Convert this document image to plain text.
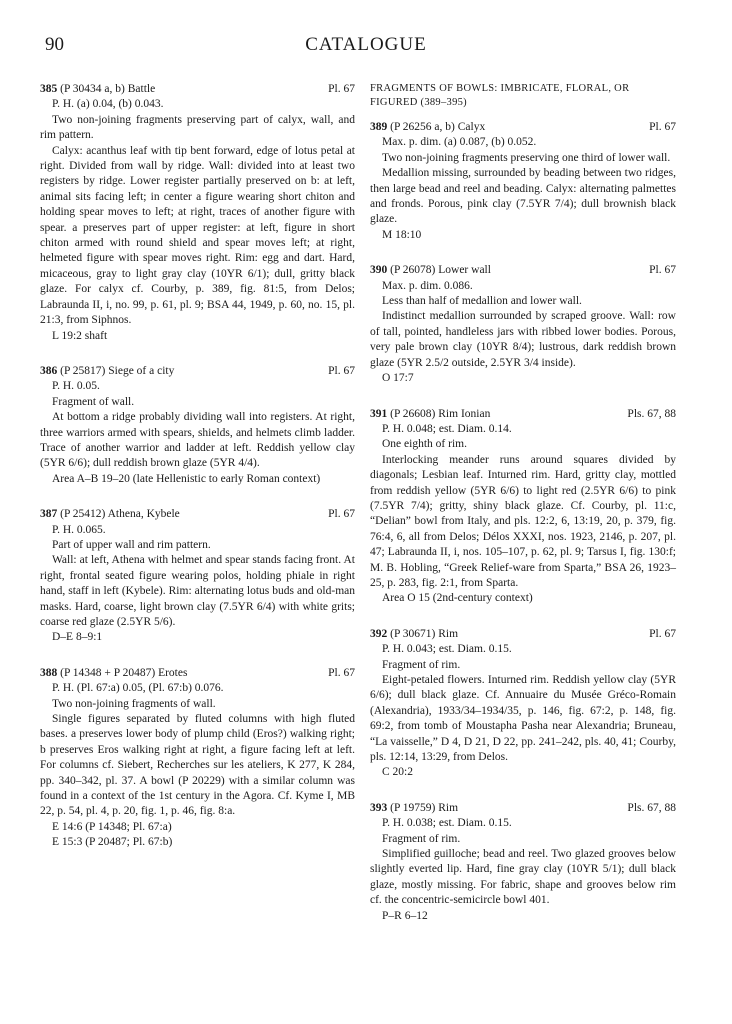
90	CATALOGUE
385 (P 30434 a, b) Battle	Pl. 67

P. H. (a) 0.04, (b) 0.043.

Two non-joining fragments preserving part of calyx, wall, and rim pattern.

Calyx: acanthus leaf with tip bent forward, edge of lotus petal at right. Divided from wall by ridge. Wall: divided into at least two registers by ridge. Lower register partially preserved on b: at left, animal sits facing left; in center a figure wearing short chiton and holding spear moves to left; at right, traces of another figure with spear. a preserves part of upper register: at left, figure in short chiton armed with round shield and spear moves left; at right, helmeted figure with spear moves right. Rim: egg and dart. Hard, micaceous, gray to light gray clay (10YR 6/1); dull, gritty black glaze. For calyx cf. Courby, p. 389, fig. 81:5, from Delos; Labraunda II, i, no. 99, p. 61, pl. 9; BSA 44, 1949, p. 60, no. 15, pl. 21:3, from Siphnos.

L 19:2 shaft

386 (P 25817) Siege of a city	Pl. 67

P. H. 0.05.

Fragment of wall.

At bottom a ridge probably dividing wall into registers. At right, three warriors armed with spears, shields, and helmets climb ladder. Trace of another warrior and ladder at left. Reddish yellow clay (5YR 6/6); dull reddish brown glaze (5YR 4/4).

Area A–B 19–20 (late Hellenistic to early Roman context)

387 (P 25412) Athena, Kybele	Pl. 67

P. H. 0.065.

Part of upper wall and rim pattern.

Wall: at left, Athena with helmet and spear stands facing front. At right, frontal seated figure wearing polos, holding phiale in right hand, staff in left (Kybele). Rim: alternating lotus buds and old-man masks. Hard, coarse, light brown clay (7.5YR 6/4) with white grits; coarse red glaze (2.5YR 5/6).

D–E 8–9:1

388 (P 14348 + P 20487) Erotes	Pl. 67

P. H. (Pl. 67:a) 0.05, (Pl. 67:b) 0.076.

Two non-joining fragments of wall.

Single figures separated by fluted columns with high fluted bases. a preserves lower body of plump child (Eros?) walking right; b preserves Eros walking right at right, a figure facing left at left. For columns cf. Siebert, Recherches sur les ateliers, K 277, K 284, pp. 340–342, pl. 37. A bowl (P 20229) with a similar column was found in a context of the 1st century in the Agora. Cf. Kyme I, MB 22, p. 54, pl. 4, p. 20, fig. 1, p. 46, fig. 8:a.

E 14:6 (P 14348; Pl. 67:a)

E 15:3 (P 20487; Pl. 67:b)

FRAGMENTS OF BOWLS: IMBRICATE, FLORAL, OR FIGURED (389–395)
389 (P 26256 a, b) Calyx	Pl. 67

Max. p. dim. (a) 0.087, (b) 0.052.

Two non-joining fragments preserving one third of lower wall.

Medallion missing, surrounded by beading between two ridges, then large bead and reel and beading. Calyx: alternating palmettes and fronds. Porous, pink clay (7.5YR 7/4); dull brownish black glaze.

M 18:10

390 (P 26078) Lower wall	Pl. 67

Max. p. dim. 0.086.

Less than half of medallion and lower wall.

Indistinct medallion surrounded by scraped groove. Wall: row of tall, pointed, handleless jars with ribbed lower bodies. Porous, very pale brown clay (10YR 8/4); lustrous, dark reddish brown glaze (5YR 2.5/2 outside, 2.5YR 3/4 inside).

O 17:7

391 (P 26608) Rim Ionian	Pls. 67, 88

P. H. 0.048; est. Diam. 0.14.

One eighth of rim.

Interlocking meander runs around squares divided by diagonals; Lesbian leaf. Inturned rim. Hard, gritty clay, mottled from reddish yellow (5YR 6/6) to light red (2.5YR 6/6) to pink (7.5YR 7/4); gritty, shiny black glaze. Cf. Courby, pl. 11:c, “Delian” bowl from Italy, and pls. 12:2, 6, 13:19, 20, p. 379, fig. 76:4, 6, all from Delos; Délos XXXI, nos. 1923, 2146, p. 207, pl. 47; Labraunda II, i, nos. 105–107, p. 62, pl. 9; Tarsus I, fig. 130:f; M. B. Hobling, “Greek Relief-ware from Sparta,” BSA 26, 1923–25, p. 283, fig. 2:1, from Sparta.

Area O 15 (2nd-century context)

392 (P 30671) Rim	Pl. 67

P. H. 0.043; est. Diam. 0.15.

Fragment of rim.

Eight-petaled flowers. Inturned rim. Reddish yellow clay (5YR 6/6); dull black glaze. Cf. Annuaire du Musée Gréco-Romain (Alexandria), 1933/34–1934/35, p. 146, fig. 67:2, p. 148, fig. 69:2, from tomb of Moustapha Pasha near Alexandria; Bruneau, “La vaisselle,” D 4, D 21, D 22, pp. 241–242, pls. 40, 41; Courby, pls. 12:14, 13:29, from Delos.

C 20:2

393 (P 19759) Rim	Pls. 67, 88

P. H. 0.038; est. Diam. 0.15.

Fragment of rim.

Simplified guilloche; bead and reel. Two glazed grooves below slightly everted lip. Hard, fine gray clay (10YR 5/1); dull black glaze, mostly missing. For fabric, shape and grooves below rim cf. the concentric-semicircle bowl 401.

P–R 6–12
